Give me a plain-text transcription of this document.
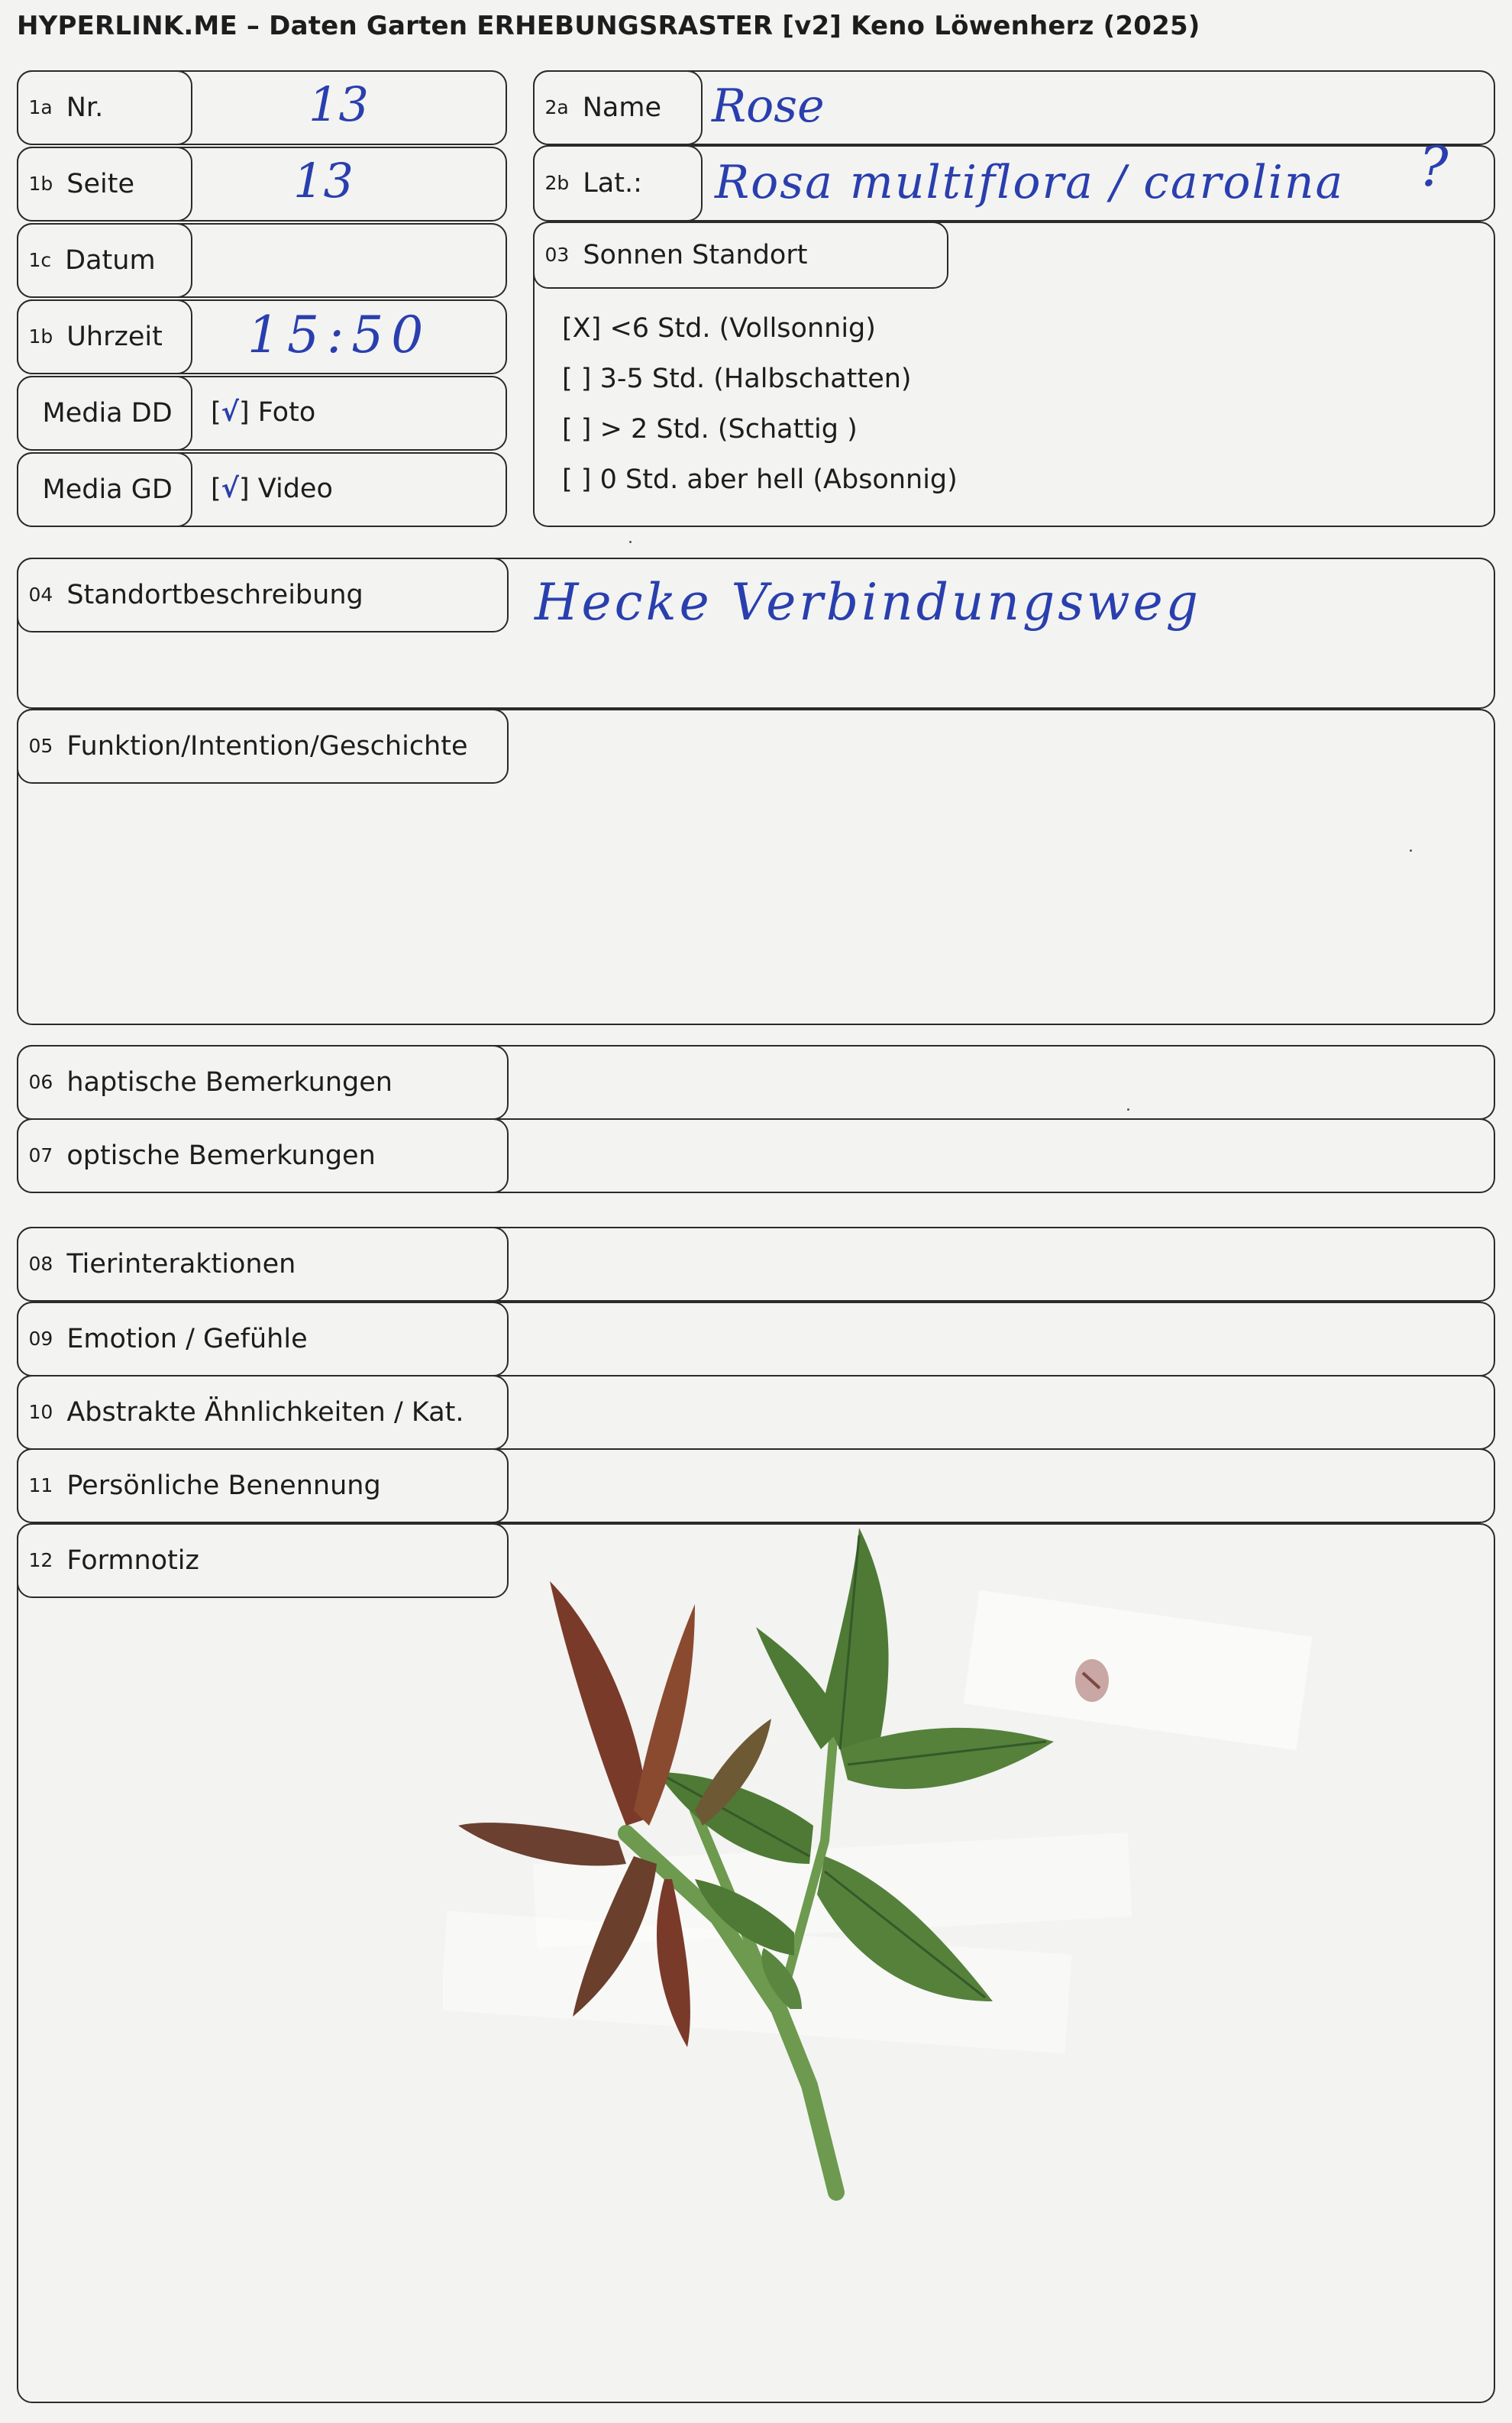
HYPERLINK.ME – Daten Garten ERHEBUNGSRASTER [v2] Keno Löwenherz (2025)
1a Nr.	13
1b Seite	13
1c Datum
1b Uhrzeit 15:50
Media DD [√] Foto
Media GD [√] Video
2a Name Rose
2b Lat.: Rosa multiflora / carolina ?
03 Sonnen Standort
[X] <6 Std. (Vollsonnig)
[ ] 3-5 Std. (Halbschatten)
[ ] > 2 Std. (Schattig )
[ ] 0 Std. aber hell (Absonnig)
04 Standortbeschreibung	Hecke Verbindungsweg
05 Funktion/Intention/Geschichte
06 haptische Bemerkungen
07 optische Bemerkungen
08 Tierinteraktionen
09 Emotion / Gefühle
10 Abstrakte Ähnlichkeiten / Kat.
11 Persönliche Benennung
12 Formnotiz
